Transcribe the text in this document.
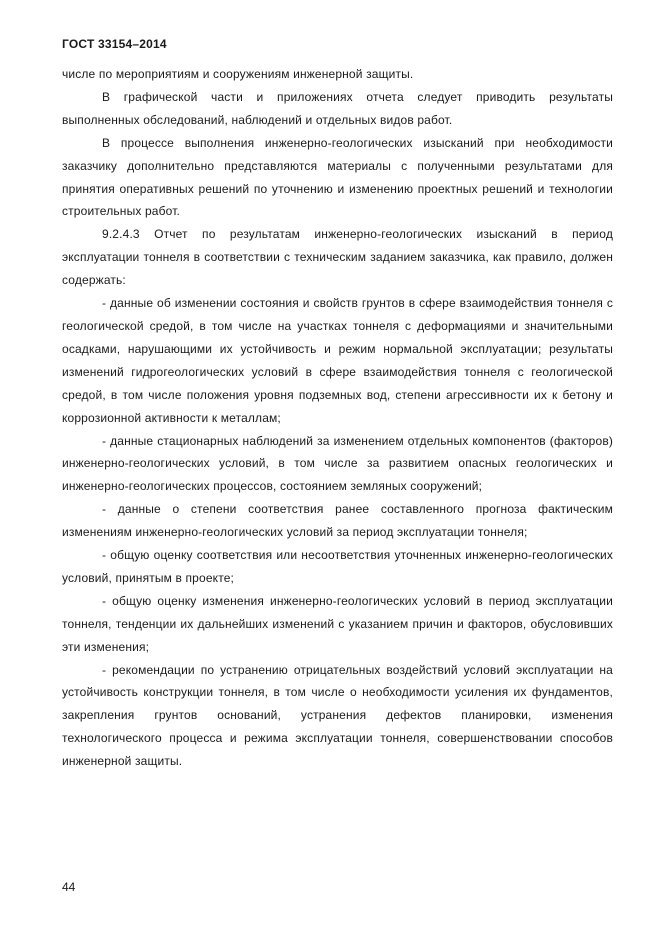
ГОСТ 33154–2014

числе по мероприятиям и сооружениям инженерной защиты.

В графической части и приложениях отчета следует приводить результаты выполненных обследований, наблюдений и отдельных видов работ.

В процессе выполнения инженерно-геологических изысканий при необходимости заказчику дополнительно представляются материалы с полученными результатами для принятия оперативных решений по уточнению и изменению проектных решений и технологии строительных работ.

9.2.4.3 Отчет по результатам инженерно-геологических изысканий в период эксплуатации тоннеля в соответствии с техническим заданием заказчика, как правило, должен содержать:

- данные об изменении состояния и свойств грунтов в сфере взаимодействия тоннеля с геологической средой, в том числе на участках тоннеля с деформациями и значительными осадками, нарушающими их устойчивость и режим нормальной эксплуатации; результаты изменений гидрогеологических условий в сфере взаимодействия тоннеля с геологической средой, в том числе положения уровня подземных вод, степени агрессивности их к бетону и коррозионной активности к металлам;

- данные стационарных наблюдений за изменением отдельных компонентов (факторов) инженерно-геологических условий, в том числе за развитием опасных геологических и инженерно-геологических процессов, состоянием земляных сооружений;

- данные о степени соответствия ранее составленного прогноза фактическим изменениям инженерно-геологических условий за период эксплуатации тоннеля;

- общую оценку соответствия или несоответствия уточненных инженерно-геологических условий, принятым в проекте;

- общую оценку изменения инженерно-геологических условий в период эксплуатации тоннеля, тенденции их дальнейших изменений с указанием причин и факторов, обусловивших эти изменения;

- рекомендации по устранению отрицательных воздействий условий эксплуатации на устойчивость конструкции тоннеля, в том числе о необходимости усиления их фундаментов, закрепления грунтов оснований, устранения дефектов планировки, изменения технологического процесса и режима эксплуатации тоннеля, совершенствовании способов инженерной защиты.

44
